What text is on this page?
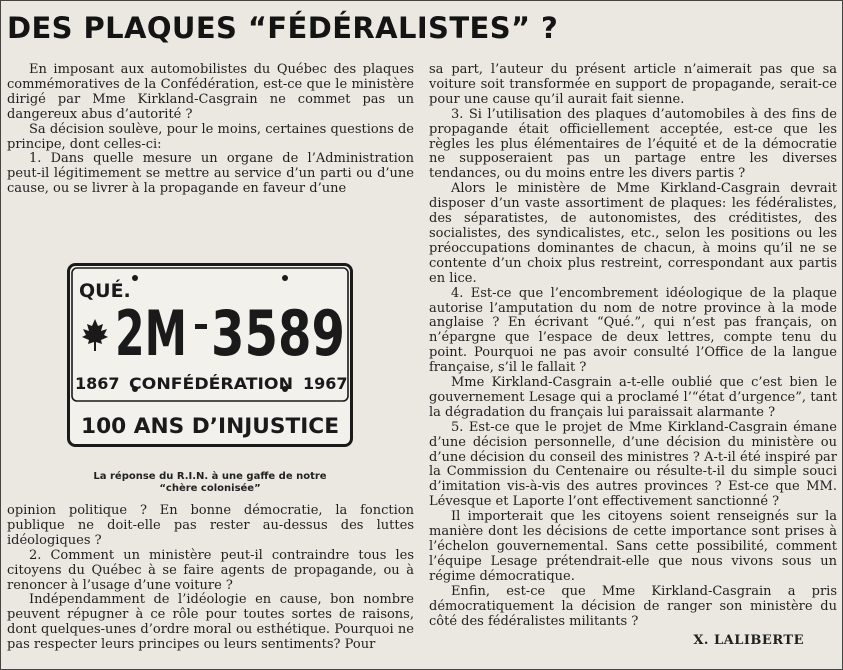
DES PLAQUES “FÉDÉRALISTES” ?

En imposant aux automobilistes du Québec des plaques commémoratives de la Confédération, est-ce que le ministère dirigé par Mme Kirkland-Casgrain ne commet pas un dangereux abus d’autorité ?

Sa décision soulève, pour le moins, certaines questions de principe, dont celles-ci:

1. Dans quelle mesure un organe de l’Administration peut-il légitimement se mettre au service d’un parti ou d’une cause, ou se livrer à la propagande en faveur d’une

QUÉ.
2M 3589
1867 CONFÉDÉRATION 1967
100 ANS D’INJUSTICE
La réponse du R.I.N. à une gaffe de notre
“chère colonisée”

opinion politique ? En bonne démocratie, la fonction publique ne doit-elle pas rester au-dessus des luttes idéologiques ?

2. Comment un ministère peut-il contraindre tous les citoyens du Québec à se faire agents de propagande, ou à renoncer à l’usage d’une voiture ?

Indépendamment de l’idéologie en cause, bon nombre peuvent répugner à ce rôle pour toutes sortes de raisons, dont quelques-unes d’ordre moral ou esthétique. Pourquoi ne pas respecter leurs principes ou leurs sentiments? Pour

sa part, l’auteur du présent article n’aimerait pas que sa voiture soit transformée en support de propagande, serait-ce pour une cause qu’il aurait fait sienne.

3. Si l’utilisation des plaques d’automobiles à des fins de propagande était officiellement acceptée, est-ce que les règles les plus élémentaires de l’équité et de la démocratie ne supposeraient pas un partage entre les diverses tendances, ou du moins entre les divers partis ?

Alors le ministère de Mme Kirkland-Casgrain devrait disposer d’un vaste assortiment de plaques: les fédéralistes, des séparatistes, de autonomistes, des créditistes, des socialistes, des syndicalistes, etc., selon les positions ou les préoccupations dominantes de chacun, à moins qu’il ne se contente d’un choix plus restreint, correspondant aux partis en lice.

4. Est-ce que l’encombrement idéologique de la plaque autorise l’amputation du nom de notre province à la mode anglaise ? En écrivant “Qué.”, qui n’est pas français, on n’épargne que l’espace de deux lettres, compte tenu du point. Pourquoi ne pas avoir consulté l’Office de la langue française, s’il le fallait ?

Mme Kirkland-Casgrain a-t-elle oublié que c’est bien le gouvernement Lesage qui a proclamé l’“état d’urgence”, tant la dégradation du français lui paraissait alarmante ?

5. Est-ce que le projet de Mme Kirkland-Casgrain émane d’une décision personnelle, d’une décision du ministère ou d’une décision du conseil des ministres ? A-t-il été inspiré par la Commission du Centenaire ou résulte-t-il du simple souci d’imitation vis-à-vis des autres provinces ? Est-ce que MM. Lévesque et Laporte l’ont effectivement sanctionné ?

Il importerait que les citoyens soient renseignés sur la manière dont les décisions de cette importance sont prises à l’échelon gouvernemental. Sans cette possibilité, comment l’équipe Lesage prétendrait-elle que nous vivons sous un régime démocratique.

Enfin, est-ce que Mme Kirkland-Casgrain a pris démocratiquement la décision de ranger son ministère du côté des fédéralistes militants ?

X. LALIBERTE
